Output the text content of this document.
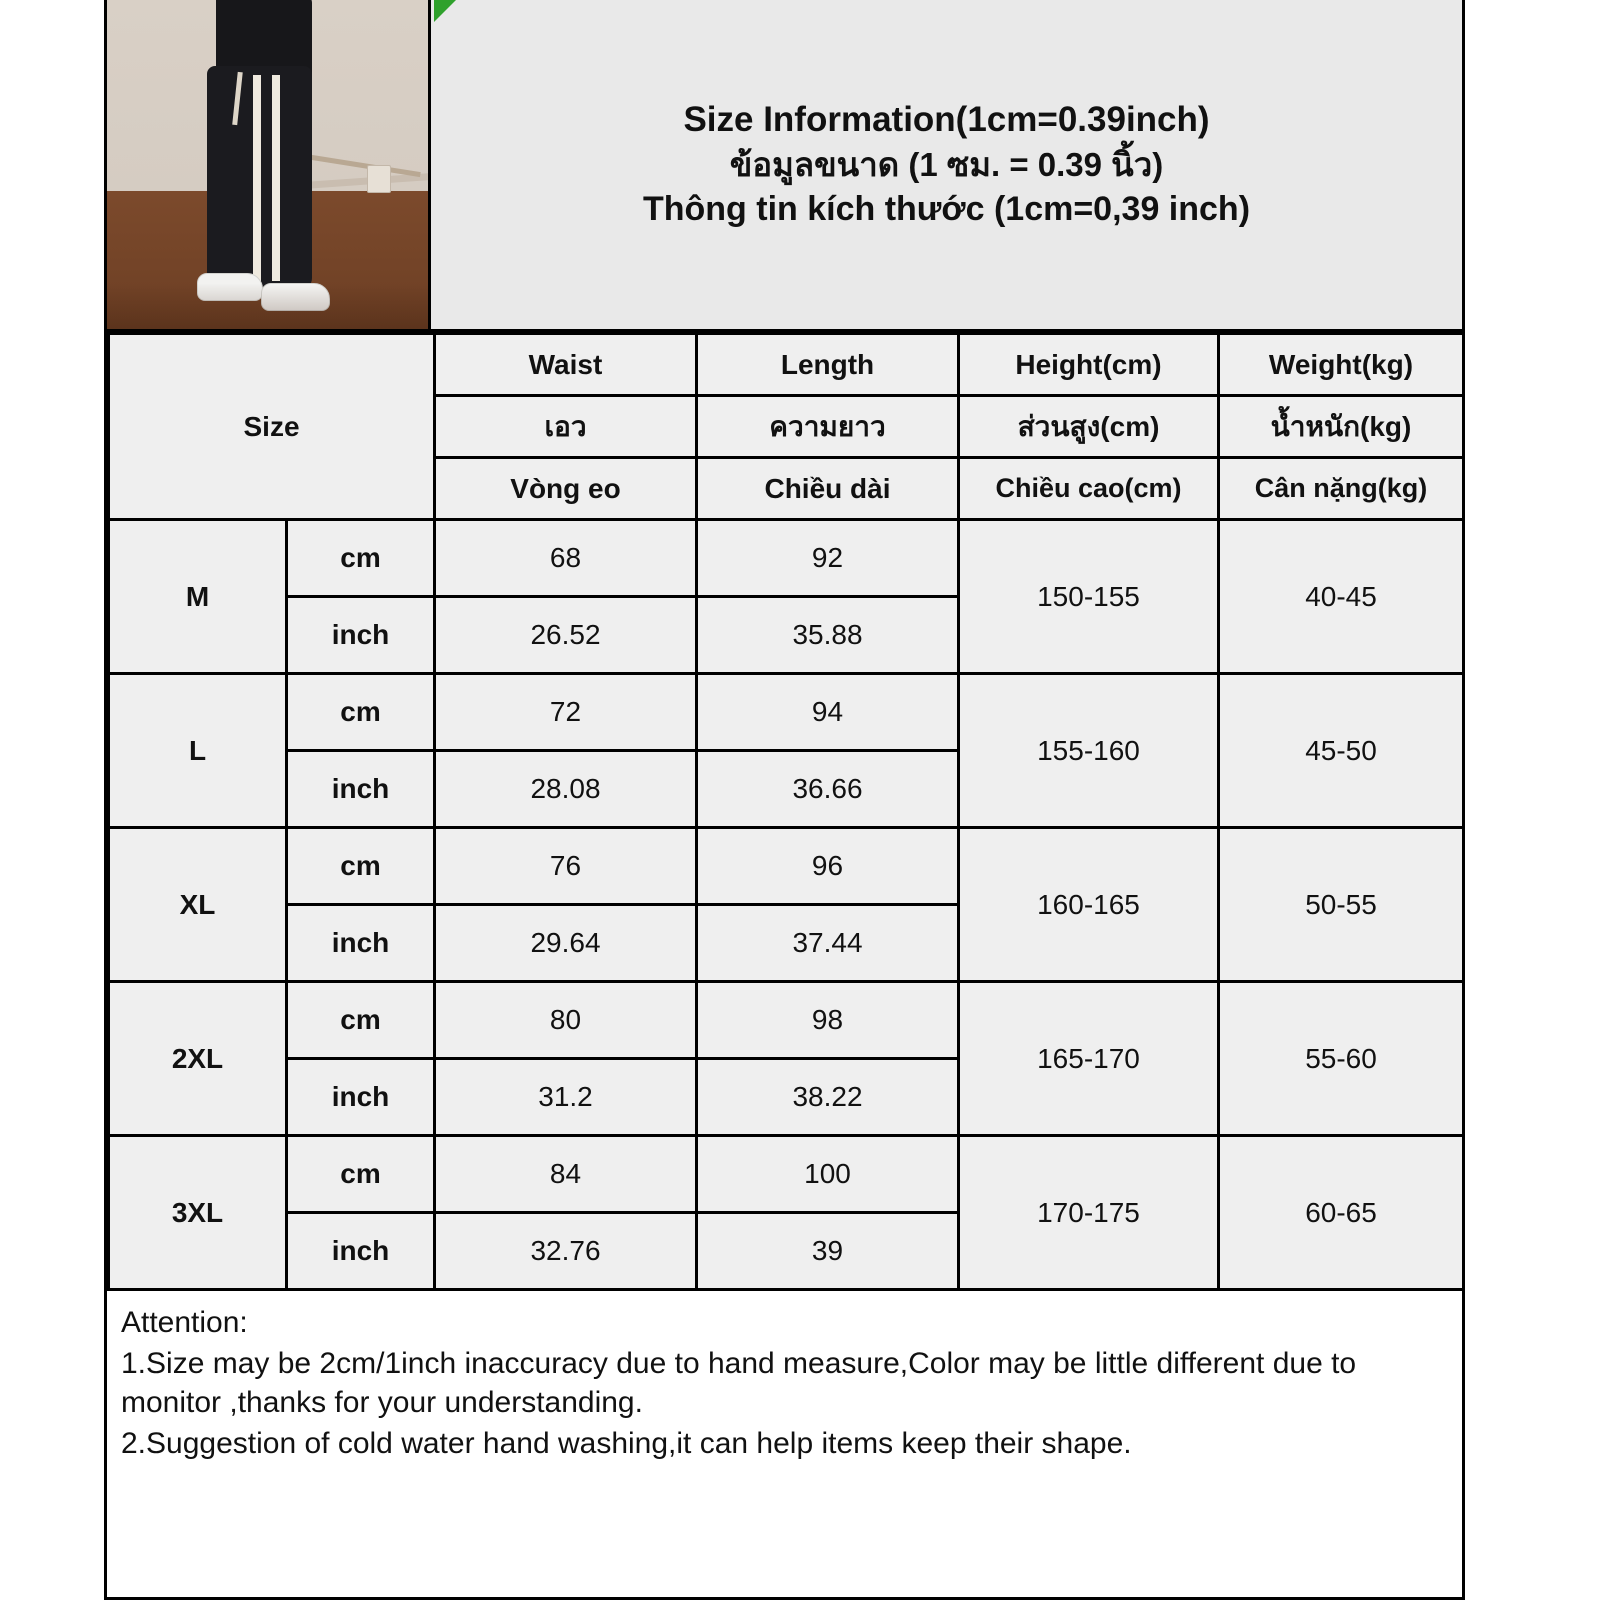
Size Information(1cm=0.39inch)
ข้อมูลขนาด (1 ซม. = 0.39 นิ้ว)
Thông tin kích thước (1cm=0,39 inch)
Size		Waist	Length	Height(cm)	Weight(kg)
		เอว	ความยาว	ส่วนสูง(cm)	น้ำหนัก(kg)
		Vòng eo	Chiều dài	Chiều cao(cm)	Cân nặng(kg)
M	cm	68	92	150-155	40-45
	inch	26.52	35.88		
L	cm	72	94	155-160	45-50
	inch	28.08	36.66		
XL	cm	76	96	160-165	50-55
	inch	29.64	37.44		
2XL	cm	80	98	165-170	55-60
	inch	31.2	38.22		
3XL	cm	84	100	170-175	60-65
	inch	32.76	39		
Attention:
1.Size may be 2cm/1inch inaccuracy due to hand measure,Color may be little different due to monitor ,thanks for your understanding.
2.Suggestion of cold water hand washing,it can help items keep their shape.
